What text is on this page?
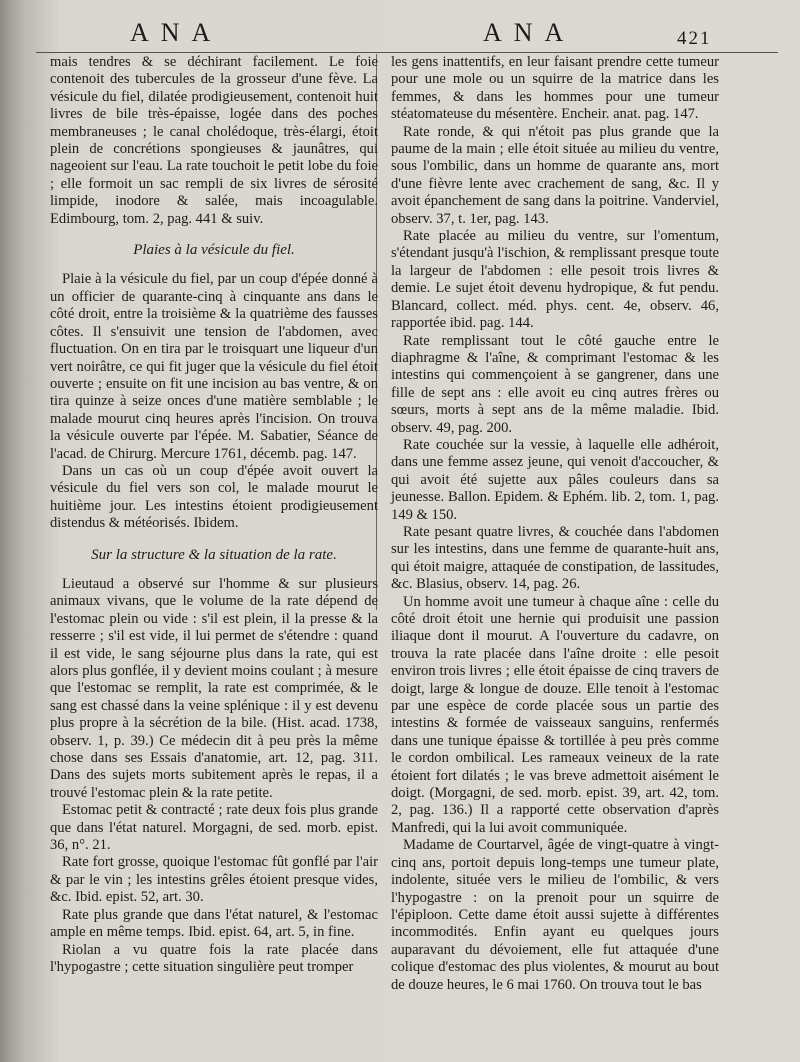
ANA	ANA	421

mais tendres & se déchirant facilement. Le foie contenoit des tubercules de la grosseur d'une fève. La vésicule du fiel, dilatée prodigieusement, contenoit huit livres de bile très-épaisse, logée dans des poches membraneuses ; le canal cholédoque, très-élargi, étoit plein de concrétions spongieuses & jaunâtres, qui nageoient sur l'eau. La rate touchoit le petit lobe du foie ; elle formoit un sac rempli de six livres de sérosité limpide, inodore & salée, mais incoagulable. Edimbourg, tom. 2, pag. 441 & suiv.

Plaies à la vésicule du fiel.

Plaie à la vésicule du fiel, par un coup d'épée donné à un officier de quarante-cinq à cinquante ans dans le côté droit, entre la troisième & la quatrième des fausses côtes. Il s'ensuivit une tension de l'abdomen, avec fluctuation. On en tira par le troisquart une liqueur d'un vert noirâtre, ce qui fit juger que la vésicule du fiel étoit ouverte ; ensuite on fit une incision au bas ventre, & on tira quinze à seize onces d'une matière semblable ; le malade mourut cinq heures après l'incision. On trouva la vésicule ouverte par l'épée. M. Sabatier, Séance de l'acad. de Chirurg. Mercure 1761, décemb. pag. 147.

Dans un cas où un coup d'épée avoit ouvert la vésicule du fiel vers son col, le malade mourut le huitième jour. Les intestins étoient prodigieusement distendus & météorisés. Ibidem.

Sur la structure & la situation de la rate.

Lieutaud a observé sur l'homme & sur plusieurs animaux vivans, que le volume de la rate dépend de l'estomac plein ou vide : s'il est plein, il la presse & la resserre ; s'il est vide, il lui permet de s'étendre : quand il est vide, le sang séjourne plus dans la rate, qui est alors plus gonflée, il y devient moins coulant ; à mesure que l'estomac se remplit, la rate est comprimée, & le sang est chassé dans la veine splénique : il y est devenu plus propre à la sécrétion de la bile. (Hist. acad. 1738, observ. 1, p. 39.) Ce médecin dit à peu près la même chose dans ses Essais d'anatomie, art. 12, pag. 311. Dans des sujets morts subitement après le repas, il a trouvé l'estomac plein & la rate petite.

Estomac petit & contracté ; rate deux fois plus grande que dans l'état naturel. Morgagni, de sed. morb. epist. 36, n°. 21.

Rate fort grosse, quoique l'estomac fût gonflé par l'air & par le vin ; les intestins grêles étoient presque vides, &c. Ibid. epist. 52, art. 30.

Rate plus grande que dans l'état naturel, & l'estomac ample en même temps. Ibid. epist. 64, art. 5, in fine.

Riolan a vu quatre fois la rate placée dans l'hypogastre ; cette situation singulière peut tromper

les gens inattentifs, en leur faisant prendre cette tumeur pour une mole ou un squirre de la matrice dans les femmes, & dans les hommes pour une tumeur stéatomateuse du mésentère. Encheir. anat. pag. 147.

Rate ronde, & qui n'étoit pas plus grande que la paume de la main ; elle étoit située au milieu du ventre, sous l'ombilic, dans un homme de quarante ans, mort d'une fièvre lente avec crachement de sang, &c. Il y avoit épanchement de sang dans la poitrine. Vanderviel, observ. 37, t. 1er, pag. 143.

Rate placée au milieu du ventre, sur l'omentum, s'étendant jusqu'à l'ischion, & remplissant presque toute la largeur de l'abdomen : elle pesoit trois livres & demie. Le sujet étoit devenu hydropique, & fut pendu. Blancard, collect. méd. phys. cent. 4e, observ. 46, rapportée ibid. pag. 144.

Rate remplissant tout le côté gauche entre le diaphragme & l'aîne, & comprimant l'estomac & les intestins qui commençoient à se gangrener, dans une fille de sept ans : elle avoit eu cinq autres frères ou sœurs, morts à sept ans de la même maladie. Ibid. observ. 49, pag. 200.

Rate couchée sur la vessie, à laquelle elle adhéroit, dans une femme assez jeune, qui venoit d'accoucher, & qui avoit été sujette aux pâles couleurs dans sa jeunesse. Ballon. Epidem. & Ephém. lib. 2, tom. 1, pag. 149 & 150.

Rate pesant quatre livres, & couchée dans l'abdomen sur les intestins, dans une femme de quarante-huit ans, qui étoit maigre, attaquée de constipation, de lassitudes, &c. Blasius, observ. 14, pag. 26.

Un homme avoit une tumeur à chaque aîne : celle du côté droit étoit une hernie qui produisit une passion iliaque dont il mourut. A l'ouverture du cadavre, on trouva la rate placée dans l'aîne droite : elle pesoit environ trois livres ; elle étoit épaisse de cinq travers de doigt, large & longue de douze. Elle tenoit à l'estomac par une espèce de corde placée sous un partie des intestins & formée de vaisseaux sanguins, renfermés dans une tunique épaisse & tortillée à peu près comme le cordon ombilical. Les rameaux veineux de la rate étoient fort dilatés ; le vas breve admettoit aisément le doigt. (Morgagni, de sed. morb. epist. 39, art. 42, tom. 2, pag. 136.) Il a rapporté cette observation d'après Manfredi, qui la lui avoit communiquée.

Madame de Courtarvel, âgée de vingt-quatre à vingt-cinq ans, portoit depuis long-temps une tumeur plate, indolente, située vers le milieu de l'ombilic, & vers l'hypogastre : on la prenoit pour un squirre de l'épiploon. Cette dame étoit aussi sujette à différentes incommodités. Enfin ayant eu quelques jours auparavant du dévoiement, elle fut attaquée d'une colique d'estomac des plus violentes, & mourut au bout de douze heures, le 6 mai 1760. On trouva tout le bas
